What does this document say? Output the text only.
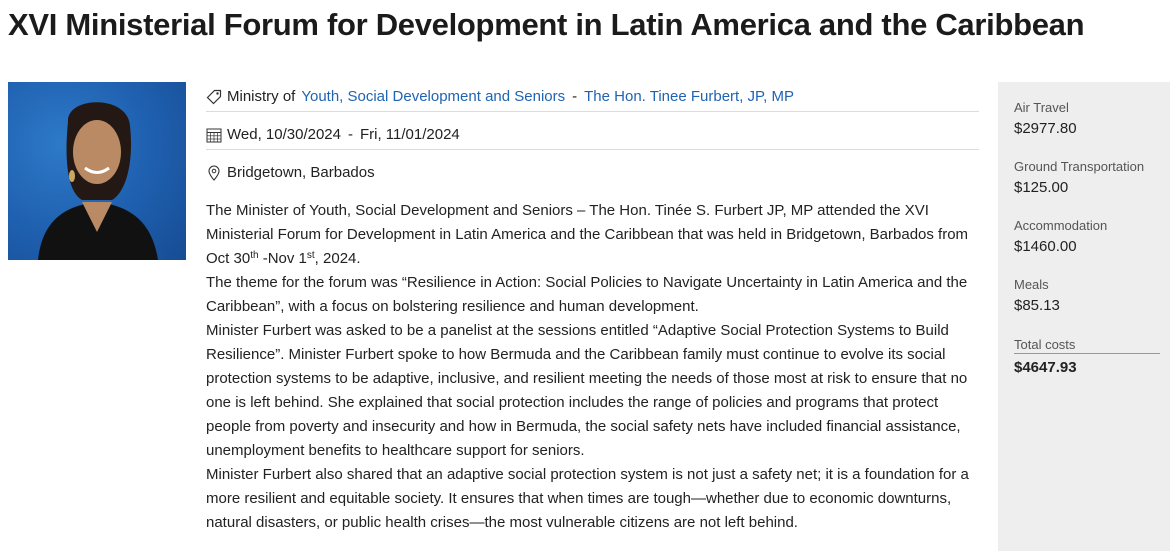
XVI Ministerial Forum for Development in Latin America and the Caribbean
Ministry of Youth, Social Development and Seniors - The Hon. Tinee Furbert, JP, MP
Wed, 10/30/2024 - Fri, 11/01/2024
Bridgetown, Barbados

The Minister of Youth, Social Development and Seniors – The Hon. Tinée S. Furbert JP, MP attended the XVI Ministerial Forum for Development in Latin America and the Caribbean that was held in Bridgetown, Barbados from Oct 30th -Nov 1st, 2024.

The theme for the forum was “Resilience in Action: Social Policies to Navigate Uncertainty in Latin America and the Caribbean”, with a focus on bolstering resilience and human development.

Minister Furbert was asked to be a panelist at the sessions entitled “Adaptive Social Protection Systems to Build Resilience”. Minister Furbert spoke to how Bermuda and the Caribbean family must continue to evolve its social protection systems to be adaptive, inclusive, and resilient meeting the needs of those most at risk to ensure that no one is left behind. She explained that social protection includes the range of policies and programs that protect people from poverty and insecurity and how in Bermuda, the social safety nets have included financial assistance, unemployment benefits to healthcare support for seniors.

Minister Furbert also shared that an adaptive social protection system is not just a safety net; it is a foundation for a more resilient and equitable society. It ensures that when times are tough—whether due to economic downturns, natural disasters, or public health crises—the most vulnerable citizens are not left behind.

Air Travel
$2977.80
Ground Transportation
$125.00
Accommodation
$1460.00
Meals
$85.13
Total costs
$4647.93
